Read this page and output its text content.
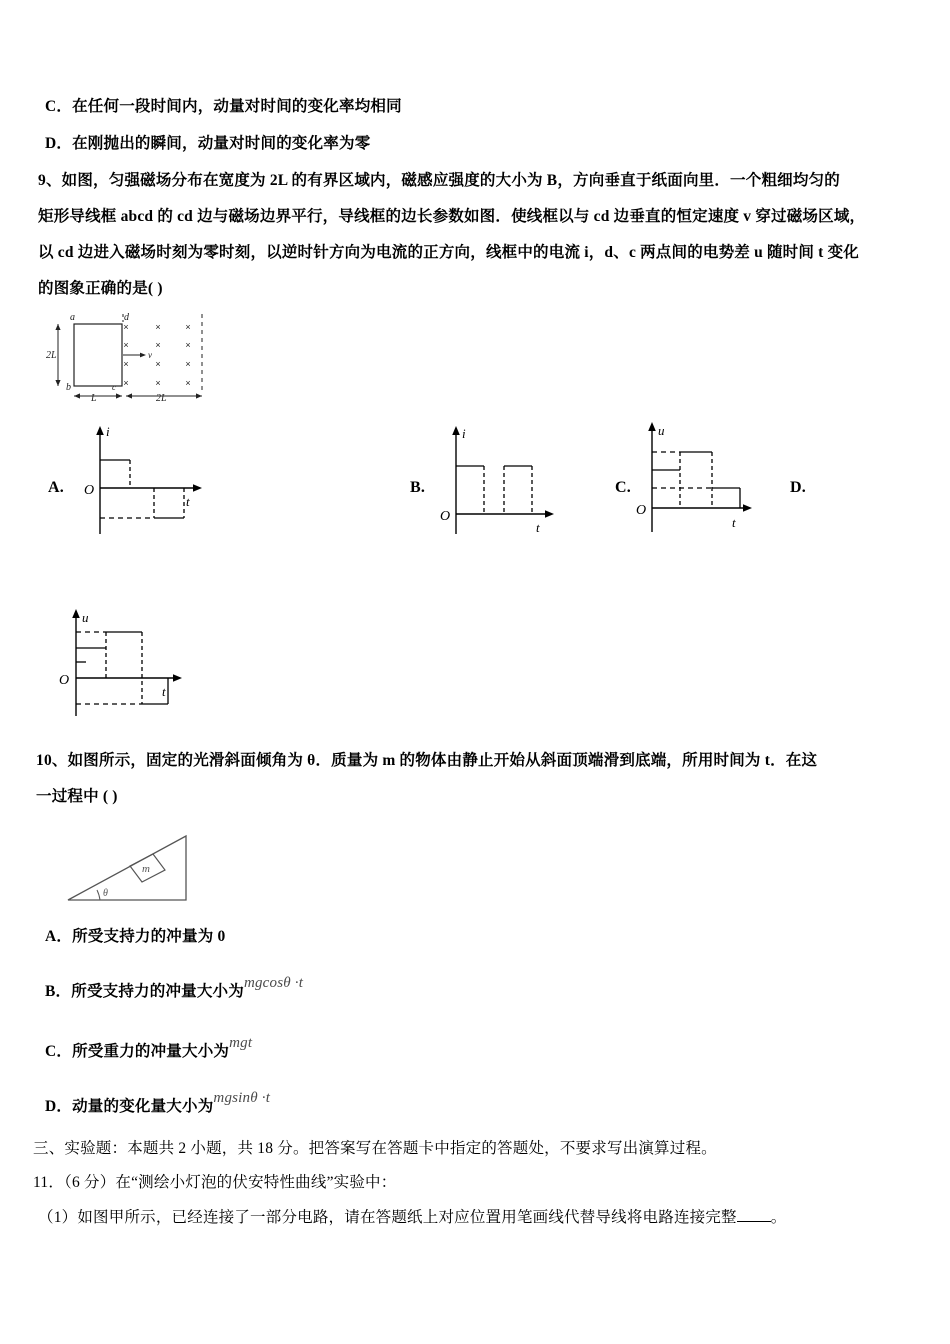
C．在任何一段时间内，动量对时间的变化率均相同
D．在刚抛出的瞬间，动量对时间的变化率为零
9、如图，匀强磁场分布在宽度为 2L 的有界区域内，磁感应强度的大小为 B，方向垂直于纸面向里．一个粗细均匀的
矩形导线框 abcd 的 cd 边与磁场边界平行，导线框的边长参数如图．使线框以与 cd 边垂直的恒定速度 v 穿过磁场区域，
以 cd 边进入磁场时刻为零时刻，以逆时针方向为电流的正方向，线框中的电流 i，d、c 两点间的电势差 u 随时间 t 变化
的图象正确的是( )
a	d
b	c
2L
L	2L
v
×	×	×
×	×	×
×	×	×
×	×	×
A.
i
t
O	B.
i
t
O
C.
u
t
O
D.
u
t
O
10、如图所示，固定的光滑斜面倾角为 θ．质量为 m 的物体由静止开始从斜面顶端滑到底端，所用时间为 t．在这
一过程中 ( )
m
θ
A．所受支持力的冲量为 0
B．所受支持力的冲量大小为mgcosθ ·t
C．所受重力的冲量大小为mgt
D．动量的变化量大小为mgsinθ ·t
三、实验题：本题共 2 小题，共 18 分。把答案写在答题卡中指定的答题处，不要求写出演算过程。
11．（6 分）在“测绘小灯泡的伏安特性曲线”实验中：
（1）如图甲所示，已经连接了一部分电路，请在答题纸上对应位置用笔画线代替导线将电路连接完整 。
